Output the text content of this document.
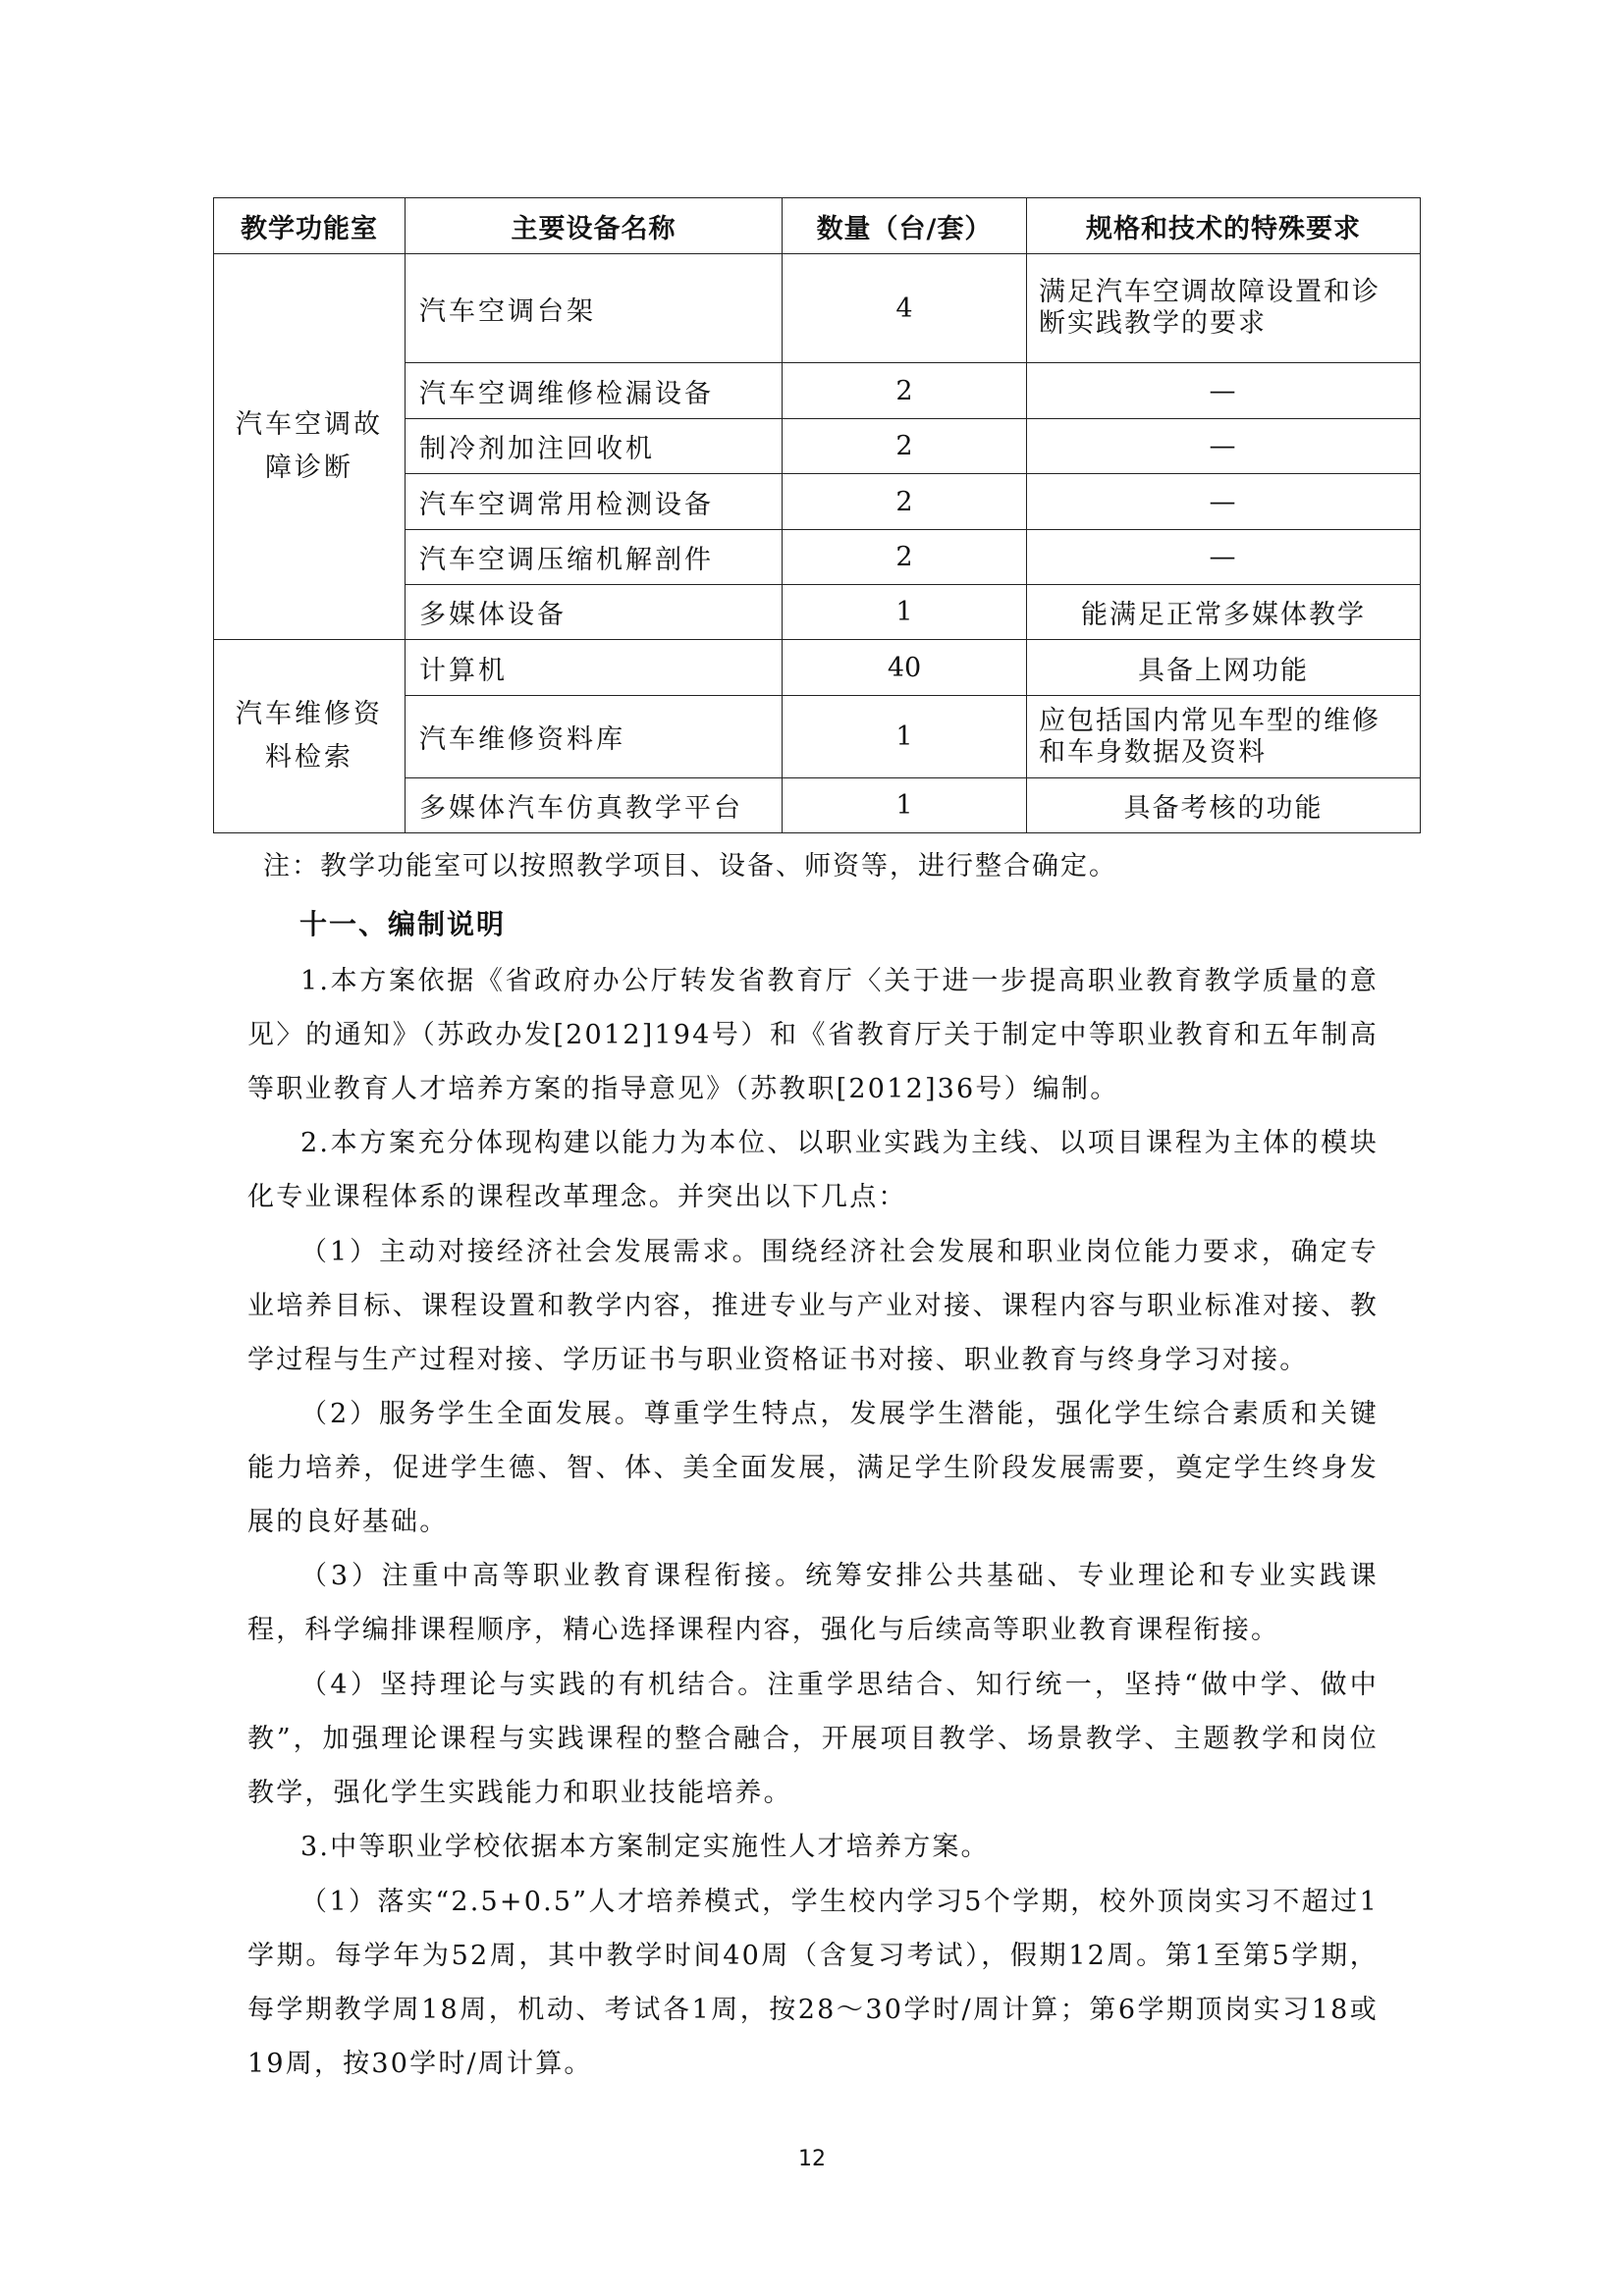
教学功能室	主要设备名称	数量（台/套）	规格和技术的特殊要求
汽车空调故障诊断	汽车空调台架	4	满足汽车空调故障设置和诊断实践教学的要求
	汽车空调维修检漏设备	2	—
	制冷剂加注回收机	2	—
	汽车空调常用检测设备	2	—
	汽车空调压缩机解剖件	2	—
	多媒体设备	1	能满足正常多媒体教学
汽车维修资料检索	计算机	40	具备上网功能
	汽车维修资料库	1	应包括国内常见车型的维修和车身数据及资料
	多媒体汽车仿真教学平台	1	具备考核的功能
注：教学功能室可以按照教学项目、设备、师资等，进行整合确定。
十一、编制说明

1.本方案依据《省政府办公厅转发省教育厅〈关于进一步提高职业教育教学质量的意见〉的通知》（苏政办发[2012]194号）和《省教育厅关于制定中等职业教育和五年制高等职业教育人才培养方案的指导意见》（苏教职[2012]36号）编制。

2.本方案充分体现构建以能力为本位、以职业实践为主线、以项目课程为主体的模块化专业课程体系的课程改革理念。并突出以下几点：

（1）主动对接经济社会发展需求。围绕经济社会发展和职业岗位能力要求，确定专业培养目标、课程设置和教学内容，推进专业与产业对接、课程内容与职业标准对接、教学过程与生产过程对接、学历证书与职业资格证书对接、职业教育与终身学习对接。

（2）服务学生全面发展。尊重学生特点，发展学生潜能，强化学生综合素质和关键能力培养，促进学生德、智、体、美全面发展，满足学生阶段发展需要，奠定学生终身发展的良好基础。

（3）注重中高等职业教育课程衔接。统筹安排公共基础、专业理论和专业实践课程，科学编排课程顺序，精心选择课程内容，强化与后续高等职业教育课程衔接。

（4）坚持理论与实践的有机结合。注重学思结合、知行统一，坚持“做中学、做中教”，加强理论课程与实践课程的整合融合，开展项目教学、场景教学、主题教学和岗位教学，强化学生实践能力和职业技能培养。

3.中等职业学校依据本方案制定实施性人才培养方案。

（1）落实“2.5+0.5”人才培养模式，学生校内学习5个学期，校外顶岗实习不超过1学期。每学年为52周，其中教学时间40周（含复习考试），假期12周。第1至第5学期，每学期教学周18周，机动、考试各1周，按28～30学时/周计算；第6学期顶岗实习18或19周，按30学时/周计算。

12
